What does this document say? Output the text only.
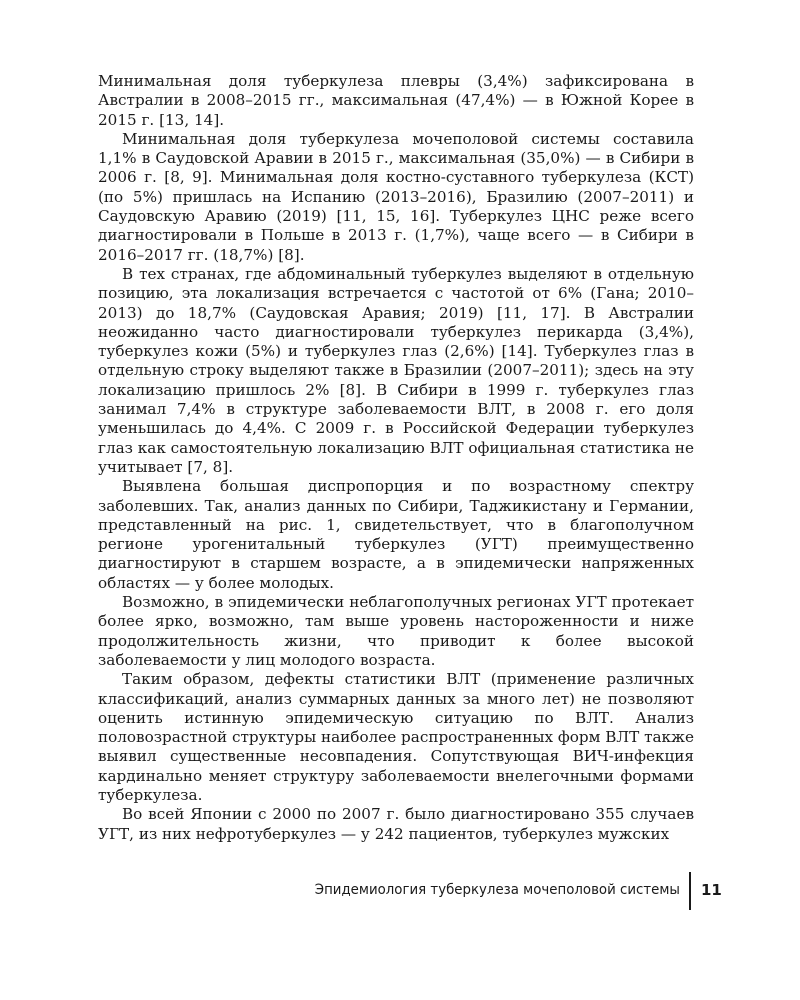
Минимальная доля туберкулеза плевры (3,4%) зафиксирована в Австралии в 2008–2015 гг., максимальная (47,4%) — в Южной Корее в 2015 г. [13, 14].

Минимальная доля туберкулеза мочеполовой системы составила 1,1% в Саудовской Аравии в 2015 г., максимальная (35,0%) — в Сибири в 2006 г. [8, 9]. Минимальная доля костно-суставного туберкулеза (КСТ) (по 5%) пришлась на Испанию (2013–2016), Бразилию (2007–2011) и Саудовскую Аравию (2019) [11, 15, 16]. Туберкулез ЦНС реже всего диагностировали в Польше в 2013 г. (1,7%), чаще всего — в Сибири в 2016–2017 гг. (18,7%) [8].

В тех странах, где абдоминальный туберкулез выделяют в отдельную позицию, эта локализация встречается с частотой от 6% (Гана; 2010–2013) до 18,7% (Саудовская Аравия; 2019) [11, 17]. В Австралии неожиданно часто диагностировали туберкулез перикарда (3,4%), туберкулез кожи (5%) и туберкулез глаз (2,6%) [14]. Туберкулез глаз в отдельную строку выделяют также в Бразилии (2007–2011); здесь на эту локализацию пришлось 2% [8]. В Сибири в 1999 г. туберкулез глаз занимал 7,4% в структуре заболеваемости ВЛТ, в 2008 г. его доля уменьшилась до 4,4%. С 2009 г. в Российской Федерации туберкулез глаз как самостоятельную локализацию ВЛТ официальная статистика не учитывает [7, 8].

Выявлена большая диспропорция и по возрастному спектру заболевших. Так, анализ данных по Сибири, Таджикистану и Германии, представленный на рис. 1, свидетельствует, что в благополучном регионе урогенитальный туберкулез (УГТ) преимущественно диагностируют в старшем возрасте, а в эпидемически напряженных областях — у более молодых.

Возможно, в эпидемически неблагополучных регионах УГТ протекает более ярко, возможно, там выше уровень настороженности и ниже продолжительность жизни, что приводит к более высокой заболеваемости у лиц молодого возраста.

Таким образом, дефекты статистики ВЛТ (применение различных классификаций, анализ суммарных данных за много лет) не позволяют оценить истинную эпидемическую ситуацию по ВЛТ. Анализ половозрастной структуры наиболее распространенных форм ВЛТ также выявил существенные несовпадения. Сопутствующая ВИЧ-инфекция кардинально меняет структуру заболеваемости внелегочными формами туберкулеза.

Во всей Японии с 2000 по 2007 г. было диагностировано 355 случаев УГТ, из них нефротуберкулез — у 242 пациентов, туберкулез мужских

Эпидемиология туберкулеза мочеполовой системы 11
